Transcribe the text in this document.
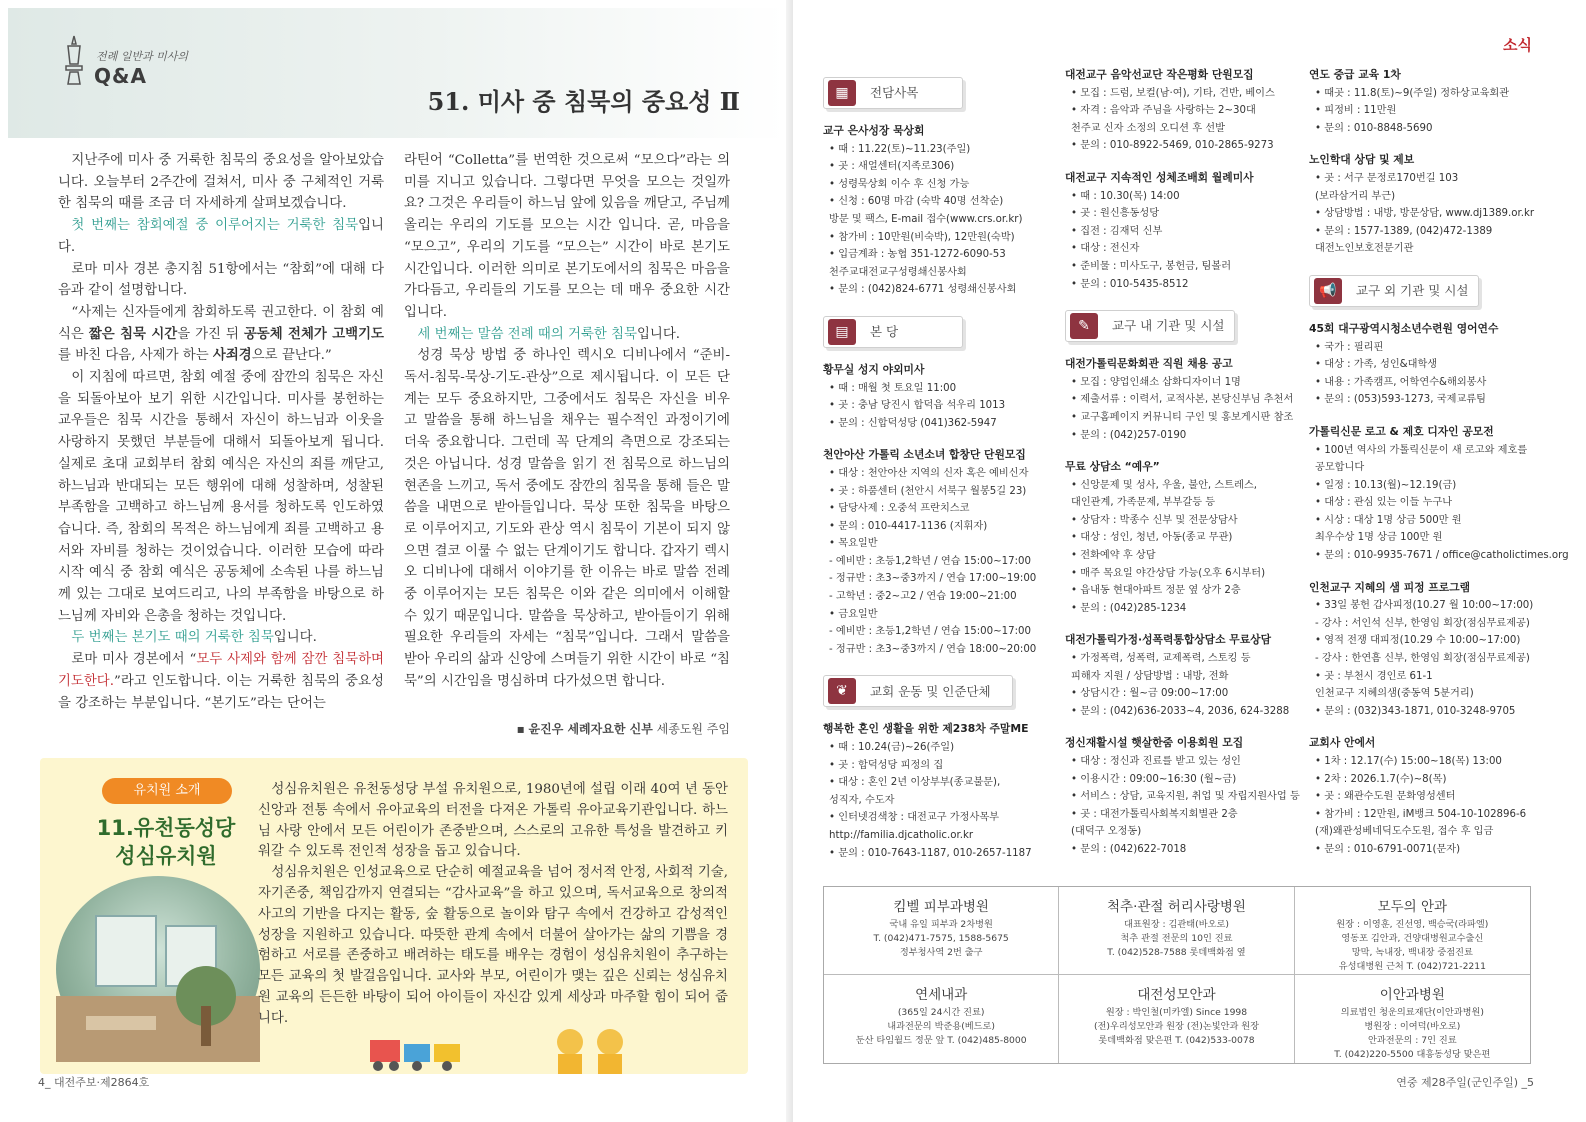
전례 일반과 미사의
Q&A
51. 미사 중 침묵의 중요성 Ⅱ

지난주에 미사 중 거룩한 침묵의 중요성을 알아보았습니다. 오늘부터 2주간에 걸쳐서, 미사 중 구체적인 거룩한 침묵의 때를 조금 더 자세하게 살펴보겠습니다.

첫 번째는 참회예절 중 이루어지는 거룩한 침묵입니다.

로마 미사 경본 총지침 51항에서는 “참회”에 대해 다음과 같이 설명합니다.

“사제는 신자들에게 참회하도록 권고한다. 이 참회 예식은 짧은 침묵 시간을 가진 뒤 공동체 전체가 고백기도를 바친 다음, 사제가 하는 사죄경으로 끝난다.”

이 지침에 따르면, 참회 예절 중에 잠깐의 침묵은 자신을 되돌아보아 보기 위한 시간입니다. 미사를 봉헌하는 교우들은 침묵 시간을 통해서 자신이 하느님과 이웃을 사랑하지 못했던 부분들에 대해서 되돌아보게 됩니다. 실제로 초대 교회부터 참회 예식은 자신의 죄를 깨닫고, 하느님과 반대되는 모든 행위에 대해 성찰하며, 성찰된 부족함을 고백하고 하느님께 용서를 청하도록 인도하였습니다. 즉, 참회의 목적은 하느님에게 죄를 고백하고 용서와 자비를 청하는 것이었습니다. 이러한 모습에 따라 시작 예식 중 참회 예식은 공동체에 소속된 나를 하느님께 있는 그대로 보여드리고, 나의 부족함을 바탕으로 하느님께 자비와 은총을 청하는 것입니다.

두 번째는 본기도 때의 거룩한 침묵입니다.

로마 미사 경본에서 “모두 사제와 함께 잠깐 침묵하며 기도한다.”라고 인도합니다. 이는 거룩한 침묵의 중요성을 강조하는 부분입니다. “본기도”라는 단어는

라틴어 “Colletta”를 번역한 것으로써 “모으다”라는 의미를 지니고 있습니다. 그렇다면 무엇을 모으는 것일까요? 그것은 우리들이 하느님 앞에 있음을 깨닫고, 주님께 올리는 우리의 기도를 모으는 시간 입니다. 곧, 마음을 “모으고”, 우리의 기도를 “모으는” 시간이 바로 본기도 시간입니다. 이러한 의미로 본기도에서의 침묵은 마음을 가다듬고, 우리들의 기도를 모으는 데 매우 중요한 시간입니다.

세 번째는 말씀 전례 때의 거룩한 침묵입니다.

성경 묵상 방법 중 하나인 렉시오 디비나에서 “준비-독서-침묵-묵상-기도-관상”으로 제시됩니다. 이 모든 단계는 모두 중요하지만, 그중에서도 침묵은 자신을 비우고 말씀을 통해 하느님을 채우는 필수적인 과정이기에 더욱 중요합니다. 그런데 꼭 단계의 측면으로 강조되는 것은 아닙니다. 성경 말씀을 읽기 전 침묵으로 하느님의 현존을 느끼고, 독서 중에도 잠깐의 침묵을 통해 들은 말씀을 내면으로 받아들입니다. 묵상 또한 침묵을 바탕으로 이루어지고, 기도와 관상 역시 침묵이 기본이 되지 않으면 결코 이룰 수 없는 단계이기도 합니다. 갑자기 렉시오 디비나에 대해서 이야기를 한 이유는 바로 말씀 전례 중 이루어지는 모든 침묵은 이와 같은 의미에서 이해할 수 있기 때문입니다. 말씀을 묵상하고, 받아들이기 위해 필요한 우리들의 자세는 “침묵”입니다. 그래서 말씀을 받아 우리의 삶과 신앙에 스며들기 위한 시간이 바로 “침묵”의 시간임을 명심하며 다가섰으면 합니다.

▪ 윤진우 세례자요한 신부 세종도원 주임
유치원 소개
11.유천동성당
성심유치원

성심유치원은 유천동성당 부설 유치원으로, 1980년에 설립 이래 40여 년 동안 신앙과 전통 속에서 유아교육의 터전을 다져온 가톨릭 유아교육기관입니다. 하느님 사랑 안에서 모든 어린이가 존중받으며, 스스로의 고유한 특성을 발견하고 키워갈 수 있도록 전인적 성장을 돕고 있습니다.

성심유치원은 인성교육으로 단순히 예절교육을 넘어 정서적 안정, 사회적 기술, 자기존중, 책임감까지 연결되는 “감사교육”을 하고 있으며, 독서교육으로 창의적 사고의 기반을 다지는 활동, 숲 활동으로 놀이와 탐구 속에서 건강하고 감성적인 성장을 지원하고 있습니다. 따뜻한 관계 속에서 더불어 살아가는 삶의 기쁨을 경험하고 서로를 존중하고 배려하는 태도를 배우는 경험이 성심유치원이 추구하는 모든 교육의 첫 발걸음입니다. 교사와 부모, 어린이가 맺는 깊은 신뢰는 성심유치원 교육의 든든한 바탕이 되어 아이들이 자신감 있게 세상과 마주할 힘이 되어 줍니다.

4_ 대전주보·제2864호
소식
▦	전담사목
교구 은사성장 묵상회
• 때 : 11.22(토)~11.23(주일)
• 곳 : 새얼센터(지족로306)
• 성령묵상회 이수 후 신청 가능
• 신청 : 60명 마감 (숙박 40명 선착순)
방문 및 팩스, E-mail 접수(www.crs.or.kr)
• 참가비 : 10만원(비숙박), 12만원(숙박)
• 입금계좌 : 농협 351-1272-6090-53
천주교대전교구성령쇄신봉사회
• 문의 : (042)824-6771 성령쇄신봉사회
▤	본 당
황무실 성지 야외미사
• 때 : 매월 첫 토요일 11:00
• 곳 : 충남 당진시 합덕읍 석우리 1013
• 문의 : 신합덕성당 (041)362-5947
천안아산 가톨릭 소년소녀 합창단 단원모집
• 대상 : 천안아산 지역의 신자 혹은 예비신자
• 곳 : 하품센터 (천안시 서북구 월봉5길 23)
• 담당사제 : 오중석 프란치스코
• 문의 : 010-4417-1136 (지휘자)
• 목요일반
- 예비반 : 초등1,2학년 / 연습 15:00~17:00
- 정규반 : 초3~중3까지 / 연습 17:00~19:00
- 고학년 : 중2~고2 / 연습 19:00~21:00
• 금요일반
- 예비반 : 초등1,2학년 / 연습 15:00~17:00
- 정규반 : 초3~중3까지 / 연습 18:00~20:00
❦	교회 운동 및 인준단체
행복한 혼인 생활을 위한 제238차 주말ME
• 때 : 10.24(금)~26(주일)
• 곳 : 합덕성당 피정의 집
• 대상 : 혼인 2년 이상부부(종교불문),
성직자, 수도자
• 인터넷검색창 : 대전교구 가정사목부
http://familia.djcatholic.or.kr
• 문의 : 010-7643-1187, 010-2657-1187
대전교구 음악선교단 작은평화 단원모집
• 모집 : 드럼, 보컬(남·여), 기타, 건반, 베이스
• 자격 : 음악과 주님을 사랑하는 2~30대
천주교 신자 소정의 오디션 후 선발
• 문의 : 010-8922-5469, 010-2865-9273
대전교구 지속적인 성체조배회 월례미사
• 때 : 10.30(목) 14:00
• 곳 : 원신흥동성당
• 집전 : 김재덕 신부
• 대상 : 전신자
• 준비물 : 미사도구, 봉헌금, 팀볼러
• 문의 : 010-5435-8512
✎	교구 내 기관 및 시설
대전가톨릭문화회관 직원 채용 공고
• 모집 : 양업인쇄소 삽화디자이너 1명
• 제출서류 : 이력서, 교적사본, 본당신부님 추천서
• 교구홈페이지 커뮤니티 구인 및 홍보게시판 참조
• 문의 : (042)257-0190
무료 상담소 “예우”
• 신앙문제 및 성사, 우울, 불안, 스트레스,
대인관계, 가족문제, 부부갈등 등
• 상담자 : 박종수 신부 및 전문상담사
• 대상 : 성인, 청년, 아동(종교 무관)
• 전화예약 후 상담
• 매주 목요일 야간상담 가능(오후 6시부터)
• 읍내동 현대아파트 정문 옆 상가 2층
• 문의 : (042)285-1234
대전가톨릭가정·성폭력통합상담소 무료상담
• 가정폭력, 성폭력, 교제폭력, 스토킹 등
피해자 지원 / 상담방법 : 내방, 전화
• 상담시간 : 월~금 09:00~17:00
• 문의 : (042)636-2033~4, 2036, 624-3288
정신재활시설 햇살한줌 이용회원 모집
• 대상 : 정신과 진료를 받고 있는 성인
• 이용시간 : 09:00~16:30 (월~금)
• 서비스 : 상담, 교육지원, 취업 및 자립지원사업 등
• 곳 : 대전가톨릭사회복지회별관 2층
(대덕구 오정동)
• 문의 : (042)622-7018
연도 중급 교육 1차
• 때곳 : 11.8(토)~9(주일) 정하상교육회관
• 피정비 : 11만원
• 문의 : 010-8848-5690
노인학대 상담 및 제보
• 곳 : 서구 문정로170번길 103
(보라삼거리 부근)
• 상담방법 : 내방, 방문상담, www.dj1389.or.kr
• 문의 : 1577-1389, (042)472-1389
대전노인보호전문기관
📢	교구 외 기관 및 시설
45회 대구광역시청소년수련원 영어연수
• 국가 : 필리핀
• 대상 : 가족, 성인&대학생
• 내용 : 가족캠프, 어학연수&해외봉사
• 문의 : (053)593-1273, 국제교류팀
가톨릭신문 로고 & 제호 디자인 공모전
• 100년 역사의 가톨릭신문이 새 로고와 제호를
공모합니다
• 일정 : 10.13(월)~12.19(금)
• 대상 : 관심 있는 이들 누구나
• 시상 : 대상 1명 상금 500만 원
최우수상 1명 상금 100만 원
• 문의 : 010-9935-7671 / office@catholictimes.org
인천교구 지혜의 샘 피정 프로그램
• 33일 봉헌 갑사피정(10.27 월 10:00~17:00)
- 강사 : 서인석 신부, 한영임 회장(점심무료제공)
• 영적 전쟁 대피정(10.29 수 10:00~17:00)
- 강사 : 한연흠 신부, 한영임 회장(점심무료제공)
• 곳 : 부천시 경인로 61-1
인천교구 지혜의샘(중동역 5분거리)
• 문의 : (032)343-1871, 010-3248-9705
교회사 안에서
• 1차 : 12.17(수) 15:00~18(목) 13:00
• 2차 : 2026.1.7(수)~8(목)
• 곳 : 왜관수도원 문화영성센터
• 참가비 : 12만원, iM뱅크 504-10-102896-6
(재)왜관성베네딕도수도원, 접수 후 입금
• 문의 : 010-6791-0071(문자)
킴벨 피부과병원
국내 유일 피부과 2차병원
T. (042)471-7575, 1588-5675
정부청사역 2번 출구
척추·관절 허리사랑병원
대표원장 : 김관태(바오로)
척추 관절 전문의 10인 진료
T. (042)528-7588 롯데백화점 옆
모두의 안과
원장 : 이영훈, 진선영, 백승국(라파엘)
영동포 김안과, 건양대병원교수출신
망막, 녹내장, 백내장 중점진료
유성대병원 근처 T. (042)721-2211
연세내과
(365일 24시간 진료)
내과전문의 박준용(베드로)
둔산 타임월드 정문 앞 T. (042)485-8000
대전성모안과
원장 : 박인철(미카엘) Since 1998
(전)우리성모안과 원장 (전)논빛안과 원장
롯데백화점 맞은편 T. (042)533-0078
이안과병원
의료법인 청운의료재단(이안과병원)
병원장 : 이여덕(바오로)
안과전문의 : 7인 진료
T. (042)220-5500 대흥동성당 맞은편
연중 제28주일(군인주일) _5
